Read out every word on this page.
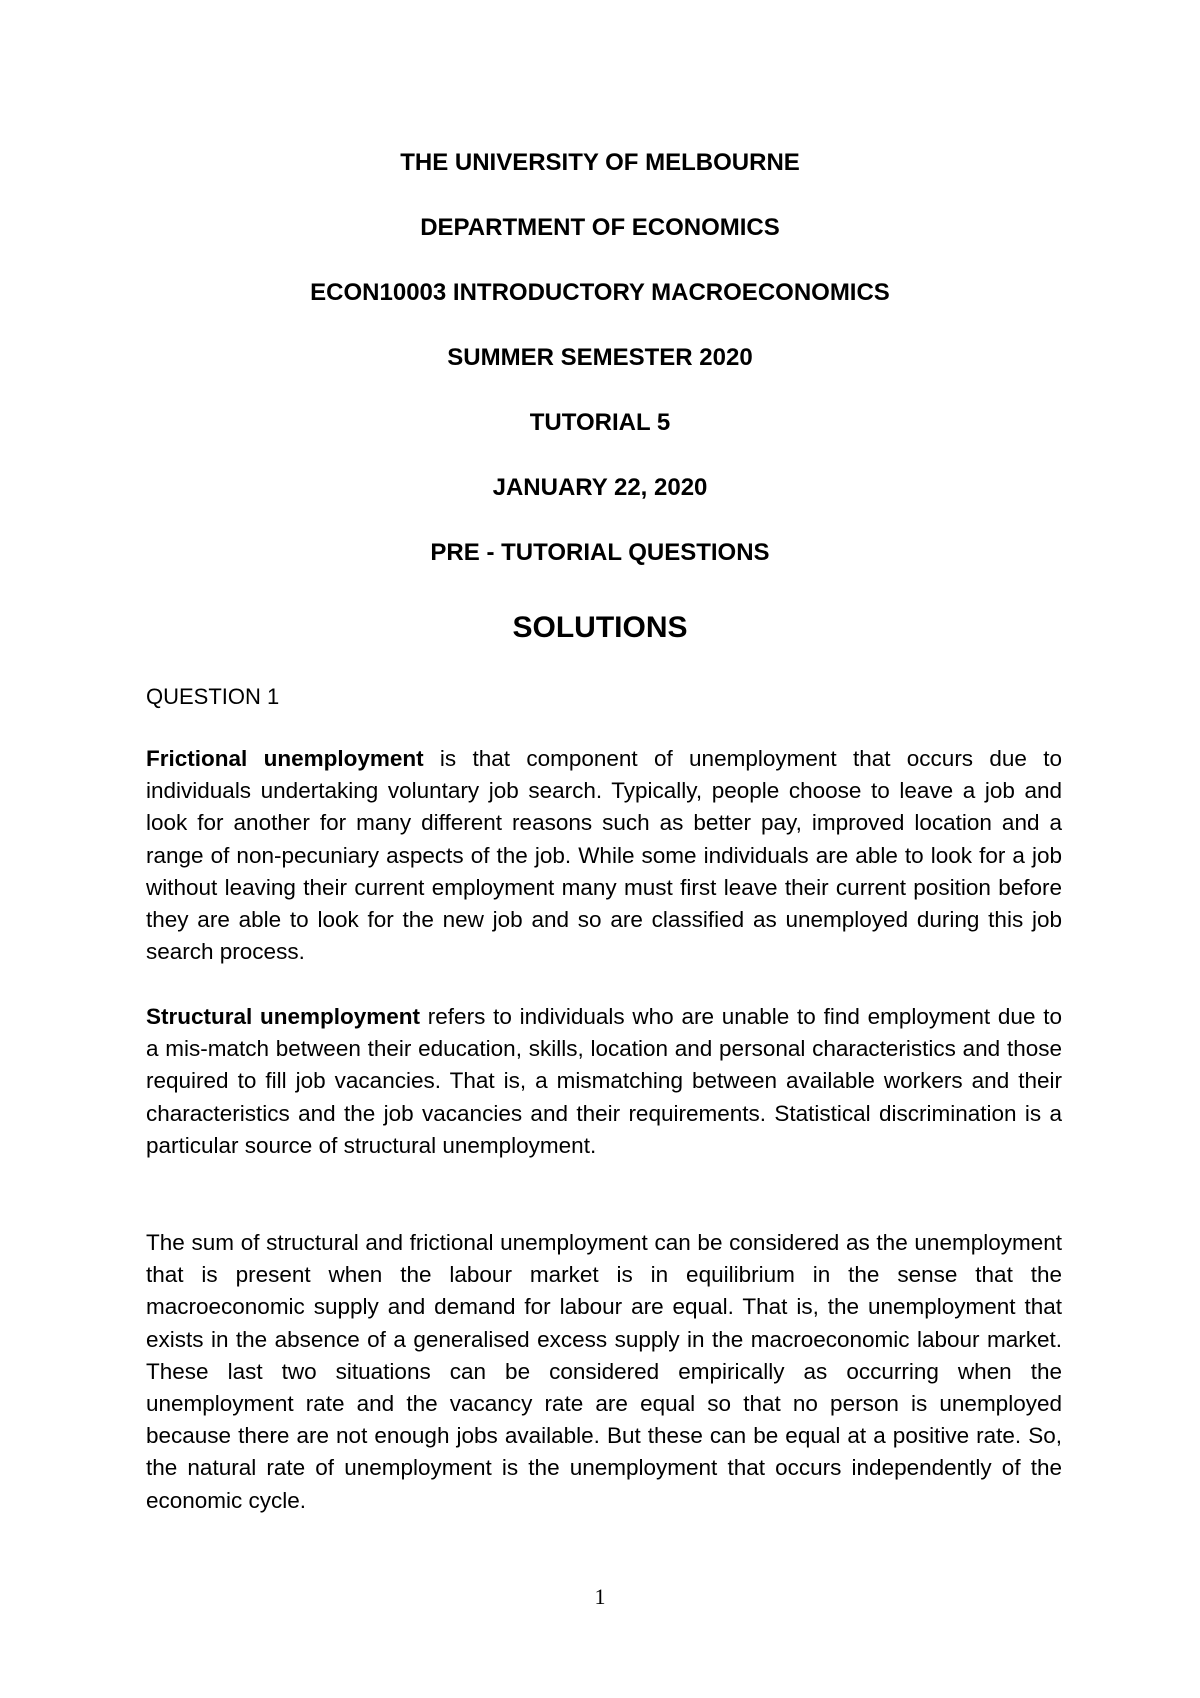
THE UNIVERSITY OF MELBOURNE
DEPARTMENT OF ECONOMICS
ECON10003 INTRODUCTORY MACROECONOMICS
SUMMER SEMESTER 2020
TUTORIAL 5
JANUARY 22, 2020
PRE - TUTORIAL QUESTIONS
SOLUTIONS

QUESTION 1

Frictional unemployment is that component of unemployment that occurs due to individuals undertaking voluntary job search. Typically, people choose to leave a job and look for another for many different reasons such as better pay, improved location and a range of non-pecuniary aspects of the job. While some individuals are able to look for a job without leaving their current employment many must first leave their current position before they are able to look for the new job and so are classified as unemployed during this job search process.

Structural unemployment refers to individuals who are unable to find employment due to a mis-match between their education, skills, location and personal characteristics and those required to fill job vacancies. That is, a mismatching between available workers and their characteristics and the job vacancies and their requirements. Statistical discrimination is a particular source of structural unemployment.

The sum of structural and frictional unemployment can be considered as the unemployment that is present when the labour market is in equilibrium in the sense that the macroeconomic supply and demand for labour are equal. That is, the unemployment that exists in the absence of a generalised excess supply in the macroeconomic labour market. These last two situations can be considered empirically as occurring when the unemployment rate and the vacancy rate are equal so that no person is unemployed because there are not enough jobs available. But these can be equal at a positive rate. So, the natural rate of unemployment is the unemployment that occurs independently of the economic cycle.

1
